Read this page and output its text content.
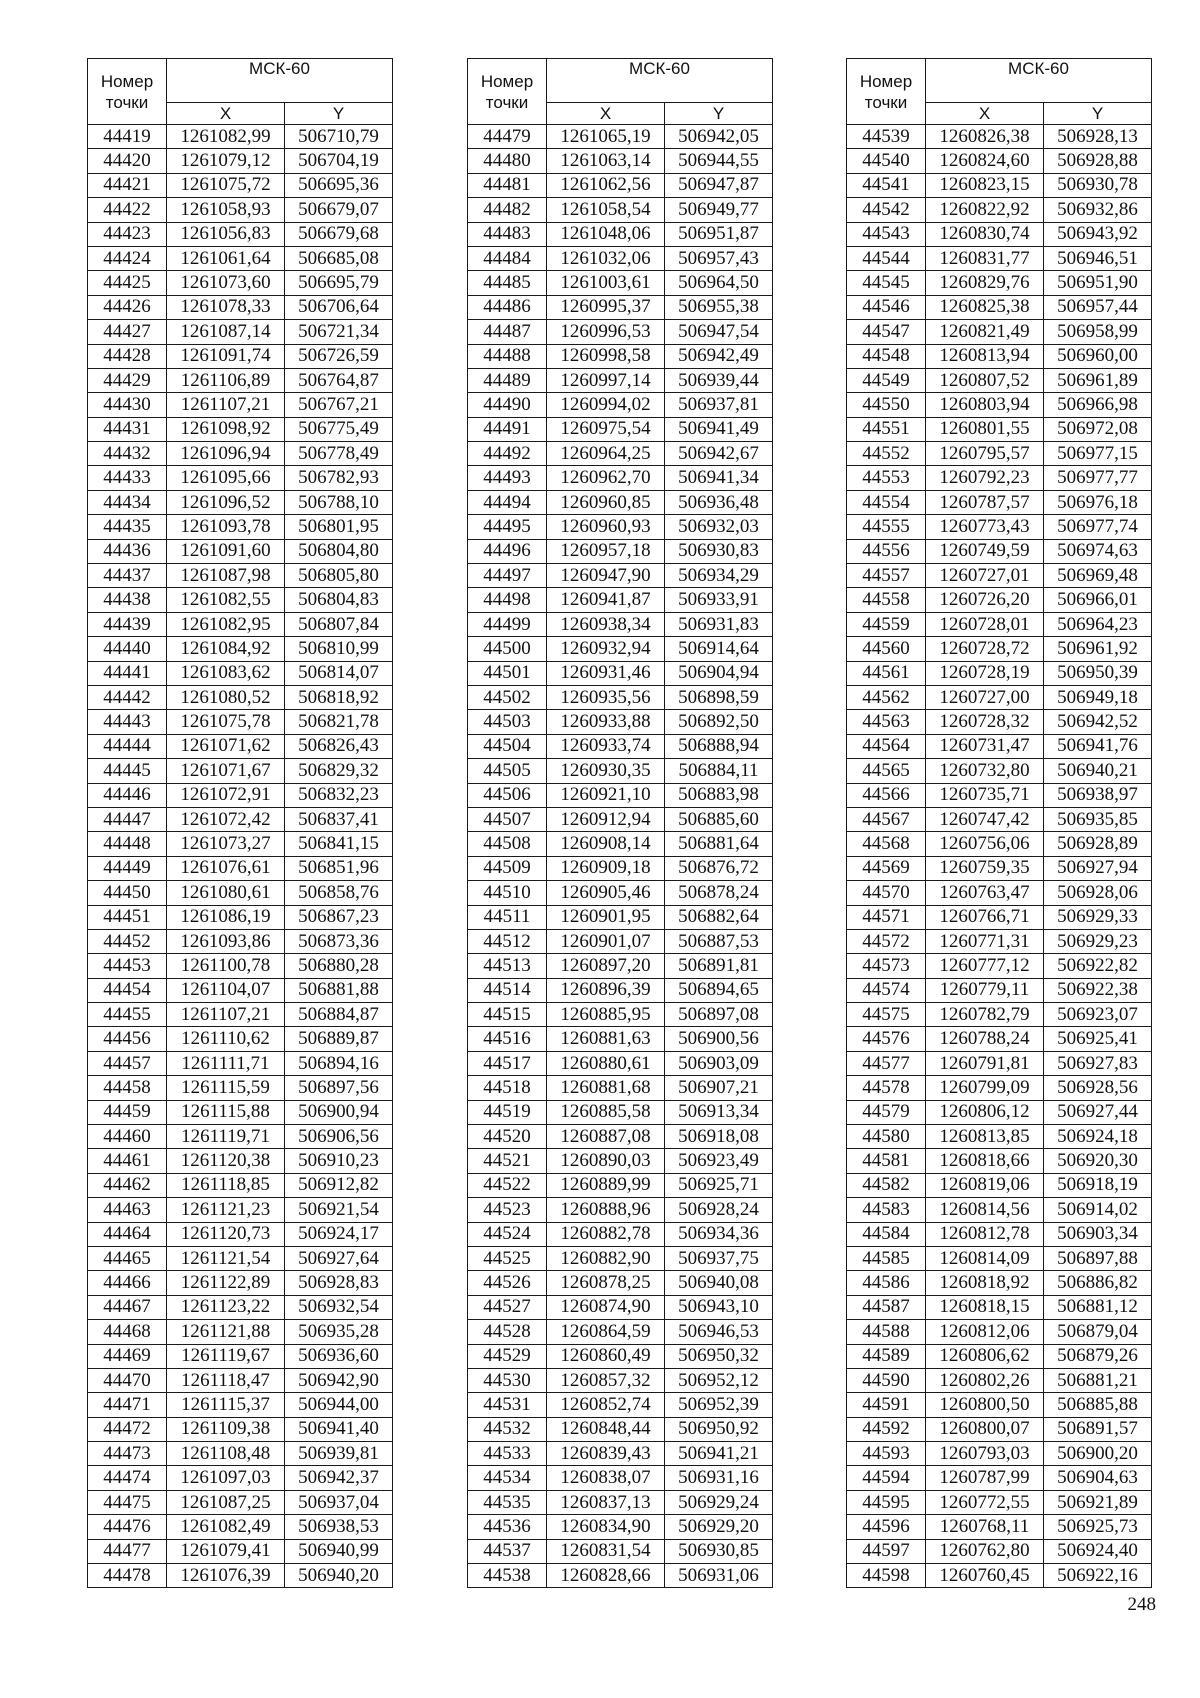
Номер
точки	МСК-60	
	X	Y
44419	1261082,99	506710,79
44420	1261079,12	506704,19
44421	1261075,72	506695,36
44422	1261058,93	506679,07
44423	1261056,83	506679,68
44424	1261061,64	506685,08
44425	1261073,60	506695,79
44426	1261078,33	506706,64
44427	1261087,14	506721,34
44428	1261091,74	506726,59
44429	1261106,89	506764,87
44430	1261107,21	506767,21
44431	1261098,92	506775,49
44432	1261096,94	506778,49
44433	1261095,66	506782,93
44434	1261096,52	506788,10
44435	1261093,78	506801,95
44436	1261091,60	506804,80
44437	1261087,98	506805,80
44438	1261082,55	506804,83
44439	1261082,95	506807,84
44440	1261084,92	506810,99
44441	1261083,62	506814,07
44442	1261080,52	506818,92
44443	1261075,78	506821,78
44444	1261071,62	506826,43
44445	1261071,67	506829,32
44446	1261072,91	506832,23
44447	1261072,42	506837,41
44448	1261073,27	506841,15
44449	1261076,61	506851,96
44450	1261080,61	506858,76
44451	1261086,19	506867,23
44452	1261093,86	506873,36
44453	1261100,78	506880,28
44454	1261104,07	506881,88
44455	1261107,21	506884,87
44456	1261110,62	506889,87
44457	1261111,71	506894,16
44458	1261115,59	506897,56
44459	1261115,88	506900,94
44460	1261119,71	506906,56
44461	1261120,38	506910,23
44462	1261118,85	506912,82
44463	1261121,23	506921,54
44464	1261120,73	506924,17
44465	1261121,54	506927,64
44466	1261122,89	506928,83
44467	1261123,22	506932,54
44468	1261121,88	506935,28
44469	1261119,67	506936,60
44470	1261118,47	506942,90
44471	1261115,37	506944,00
44472	1261109,38	506941,40
44473	1261108,48	506939,81
44474	1261097,03	506942,37
44475	1261087,25	506937,04
44476	1261082,49	506938,53
44477	1261079,41	506940,99
44478	1261076,39	506940,20
Номер
точки	МСК-60	
	X	Y
44479	1261065,19	506942,05
44480	1261063,14	506944,55
44481	1261062,56	506947,87
44482	1261058,54	506949,77
44483	1261048,06	506951,87
44484	1261032,06	506957,43
44485	1261003,61	506964,50
44486	1260995,37	506955,38
44487	1260996,53	506947,54
44488	1260998,58	506942,49
44489	1260997,14	506939,44
44490	1260994,02	506937,81
44491	1260975,54	506941,49
44492	1260964,25	506942,67
44493	1260962,70	506941,34
44494	1260960,85	506936,48
44495	1260960,93	506932,03
44496	1260957,18	506930,83
44497	1260947,90	506934,29
44498	1260941,87	506933,91
44499	1260938,34	506931,83
44500	1260932,94	506914,64
44501	1260931,46	506904,94
44502	1260935,56	506898,59
44503	1260933,88	506892,50
44504	1260933,74	506888,94
44505	1260930,35	506884,11
44506	1260921,10	506883,98
44507	1260912,94	506885,60
44508	1260908,14	506881,64
44509	1260909,18	506876,72
44510	1260905,46	506878,24
44511	1260901,95	506882,64
44512	1260901,07	506887,53
44513	1260897,20	506891,81
44514	1260896,39	506894,65
44515	1260885,95	506897,08
44516	1260881,63	506900,56
44517	1260880,61	506903,09
44518	1260881,68	506907,21
44519	1260885,58	506913,34
44520	1260887,08	506918,08
44521	1260890,03	506923,49
44522	1260889,99	506925,71
44523	1260888,96	506928,24
44524	1260882,78	506934,36
44525	1260882,90	506937,75
44526	1260878,25	506940,08
44527	1260874,90	506943,10
44528	1260864,59	506946,53
44529	1260860,49	506950,32
44530	1260857,32	506952,12
44531	1260852,74	506952,39
44532	1260848,44	506950,92
44533	1260839,43	506941,21
44534	1260838,07	506931,16
44535	1260837,13	506929,24
44536	1260834,90	506929,20
44537	1260831,54	506930,85
44538	1260828,66	506931,06
Номер
точки	МСК-60	
	X	Y
44539	1260826,38	506928,13
44540	1260824,60	506928,88
44541	1260823,15	506930,78
44542	1260822,92	506932,86
44543	1260830,74	506943,92
44544	1260831,77	506946,51
44545	1260829,76	506951,90
44546	1260825,38	506957,44
44547	1260821,49	506958,99
44548	1260813,94	506960,00
44549	1260807,52	506961,89
44550	1260803,94	506966,98
44551	1260801,55	506972,08
44552	1260795,57	506977,15
44553	1260792,23	506977,77
44554	1260787,57	506976,18
44555	1260773,43	506977,74
44556	1260749,59	506974,63
44557	1260727,01	506969,48
44558	1260726,20	506966,01
44559	1260728,01	506964,23
44560	1260728,72	506961,92
44561	1260728,19	506950,39
44562	1260727,00	506949,18
44563	1260728,32	506942,52
44564	1260731,47	506941,76
44565	1260732,80	506940,21
44566	1260735,71	506938,97
44567	1260747,42	506935,85
44568	1260756,06	506928,89
44569	1260759,35	506927,94
44570	1260763,47	506928,06
44571	1260766,71	506929,33
44572	1260771,31	506929,23
44573	1260777,12	506922,82
44574	1260779,11	506922,38
44575	1260782,79	506923,07
44576	1260788,24	506925,41
44577	1260791,81	506927,83
44578	1260799,09	506928,56
44579	1260806,12	506927,44
44580	1260813,85	506924,18
44581	1260818,66	506920,30
44582	1260819,06	506918,19
44583	1260814,56	506914,02
44584	1260812,78	506903,34
44585	1260814,09	506897,88
44586	1260818,92	506886,82
44587	1260818,15	506881,12
44588	1260812,06	506879,04
44589	1260806,62	506879,26
44590	1260802,26	506881,21
44591	1260800,50	506885,88
44592	1260800,07	506891,57
44593	1260793,03	506900,20
44594	1260787,99	506904,63
44595	1260772,55	506921,89
44596	1260768,11	506925,73
44597	1260762,80	506924,40
44598	1260760,45	506922,16
248
